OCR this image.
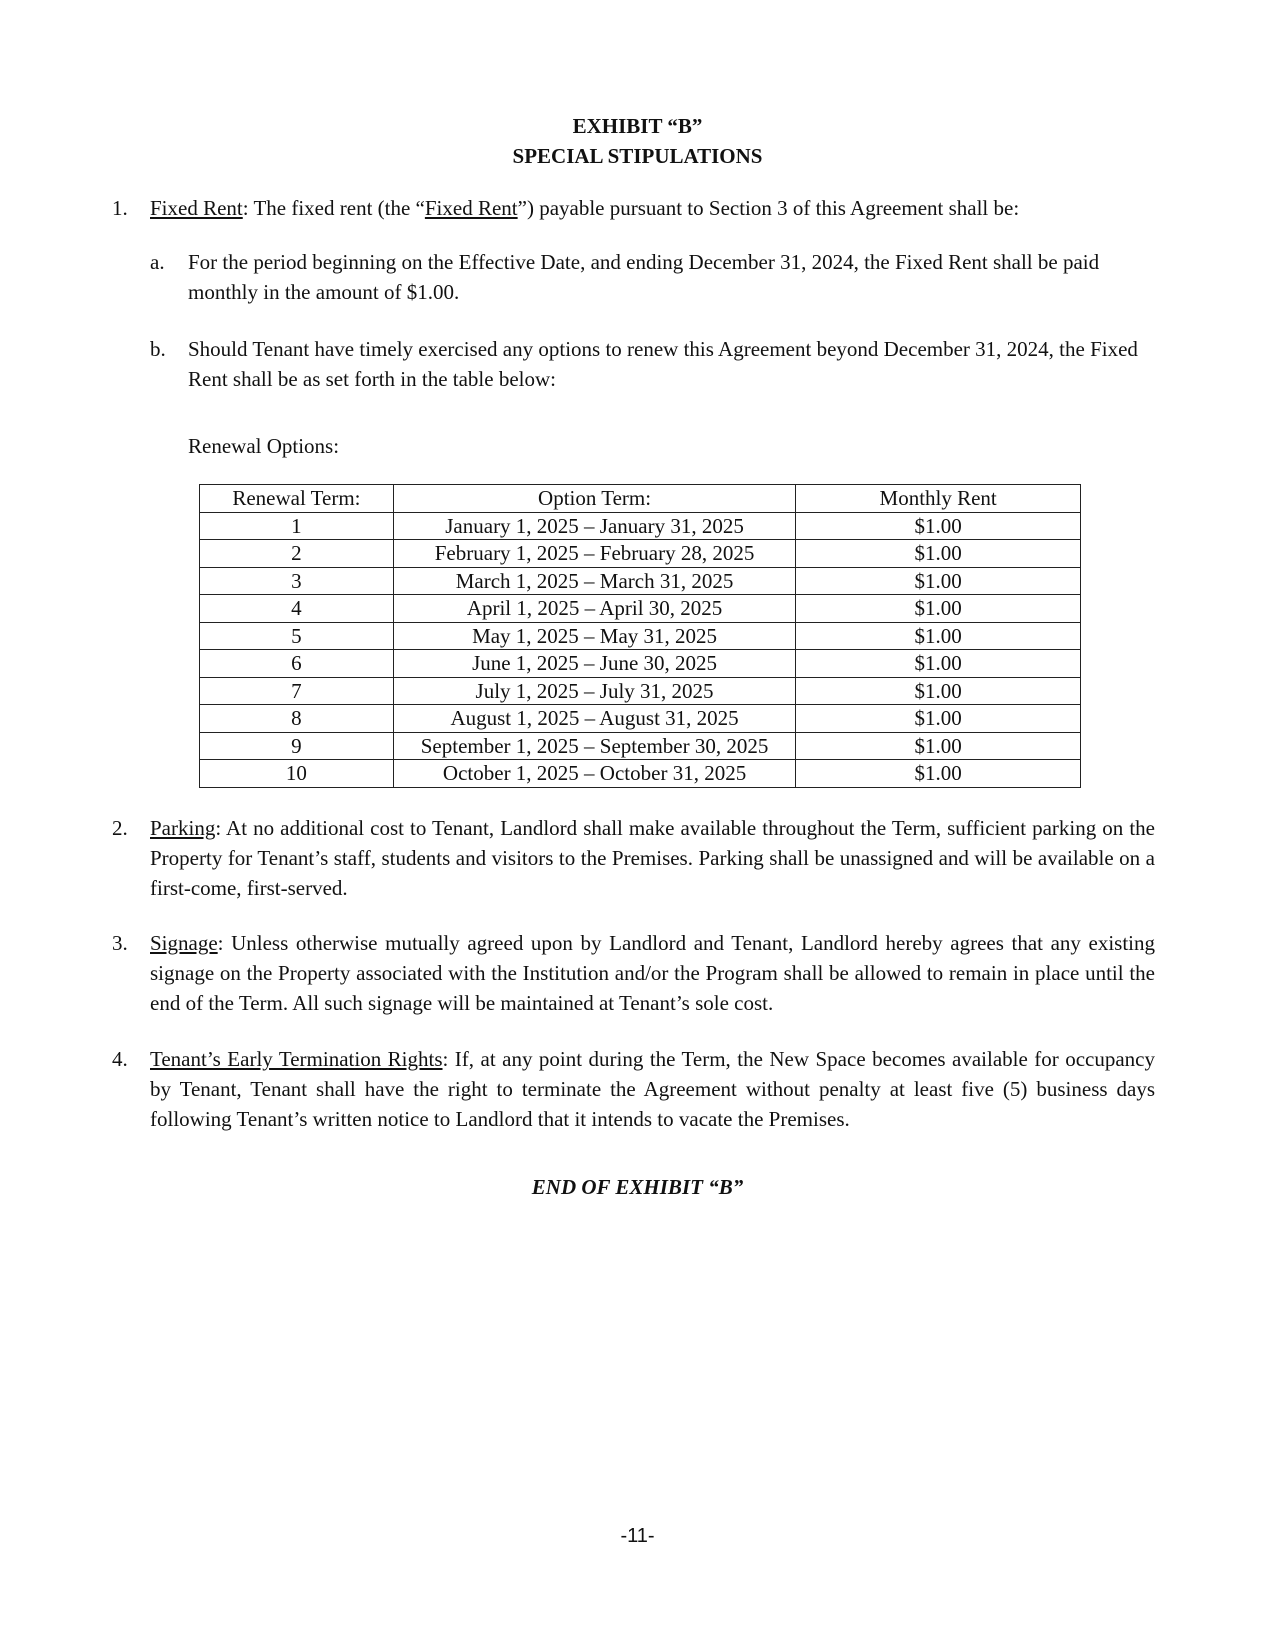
EXHIBIT “B”
SPECIAL STIPULATIONS
1. Fixed Rent: The fixed rent (the “Fixed Rent”) payable pursuant to Section 3 of this Agreement shall be:
a. For the period beginning on the Effective Date, and ending December 31, 2024, the Fixed Rent shall be paid monthly in the amount of $1.00.
b. Should Tenant have timely exercised any options to renew this Agreement beyond December 31, 2024, the Fixed Rent shall be as set forth in the table below:
Renewal Options:
Renewal Term:	Option Term:	Monthly Rent
1	January 1, 2025 – January 31, 2025	$1.00
2	February 1, 2025 – February 28, 2025	$1.00
3	March 1, 2025 – March 31, 2025	$1.00
4	April 1, 2025 – April 30, 2025	$1.00
5	May 1, 2025 – May 31, 2025	$1.00
6	June 1, 2025 – June 30, 2025	$1.00
7	July 1, 2025 – July 31, 2025	$1.00
8	August 1, 2025 – August 31, 2025	$1.00
9	September 1, 2025 – September 30, 2025	$1.00
10	October 1, 2025 – October 31, 2025	$1.00
2. Parking: At no additional cost to Tenant, Landlord shall make available throughout the Term, sufficient parking on the Property for Tenant’s staff, students and visitors to the Premises. Parking shall be unassigned and will be available on a first-come, first-served.
3. Signage: Unless otherwise mutually agreed upon by Landlord and Tenant, Landlord hereby agrees that any existing signage on the Property associated with the Institution and/or the Program shall be allowed to remain in place until the end of the Term. All such signage will be maintained at Tenant’s sole cost.
4. Tenant’s Early Termination Rights: If, at any point during the Term, the New Space becomes available for occupancy by Tenant, Tenant shall have the right to terminate the Agreement without penalty at least five (5) business days following Tenant’s written notice to Landlord that it intends to vacate the Premises.
END OF EXHIBIT “B”
-11-
